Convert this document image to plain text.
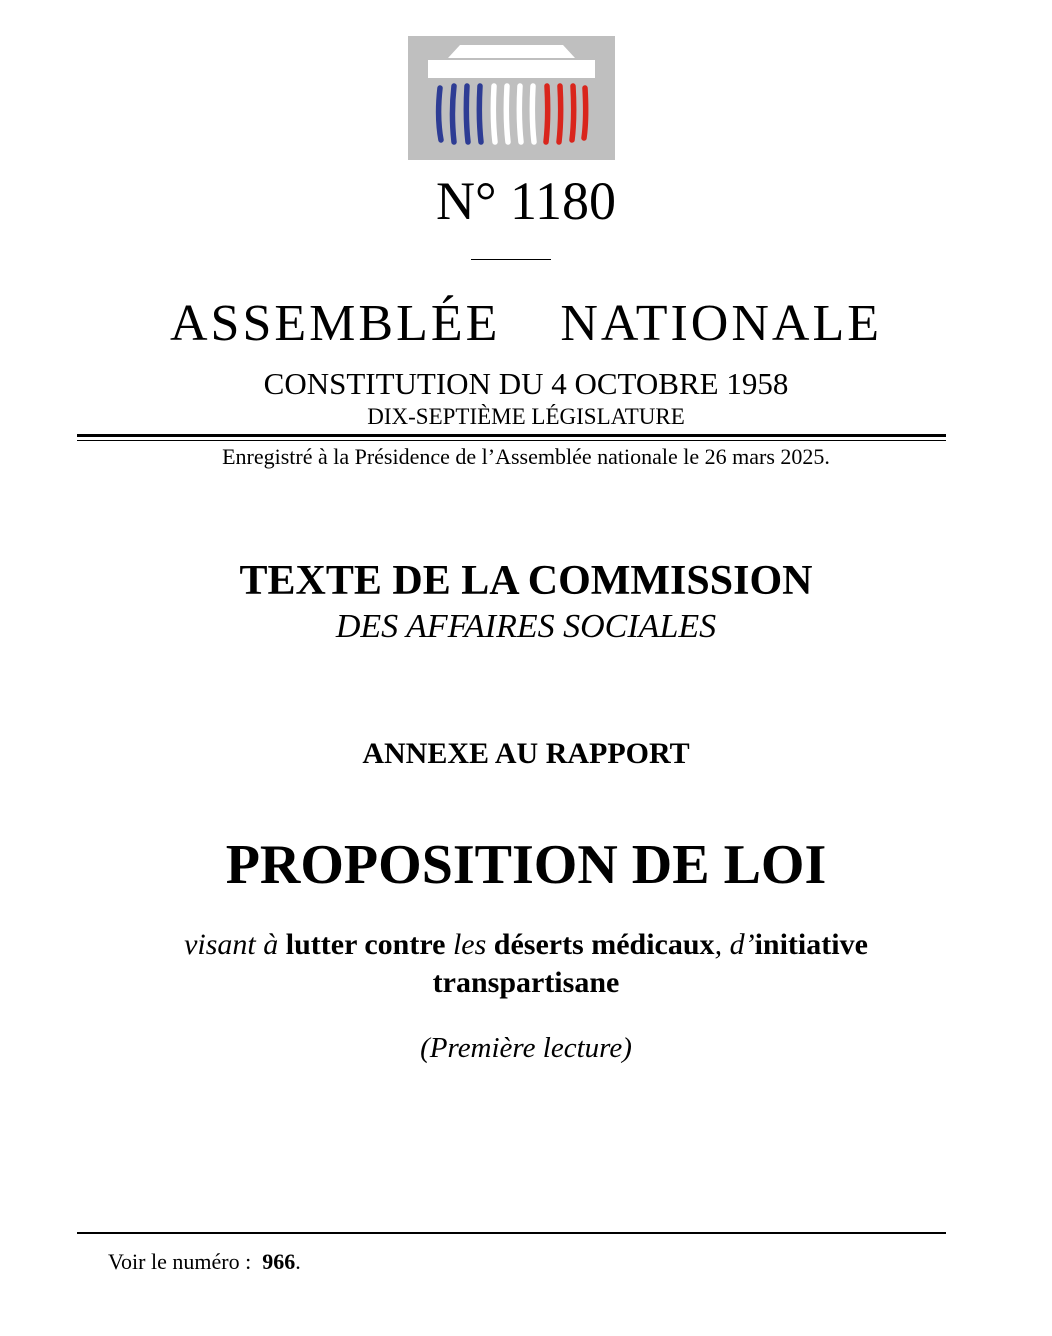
N° 1180
ASSEMBLÉE  NATIONALE
CONSTITUTION DU 4 OCTOBRE 1958
DIX-SEPTIÈME LÉGISLATURE
Enregistré à la Présidence de l’Assemblée nationale le 26 mars 2025.
TEXTE DE LA COMMISSION
DES AFFAIRES SOCIALES
ANNEXE AU RAPPORT
PROPOSITION DE LOI
visant à lutter contre les déserts médicaux, d’initiative
transpartisane
(Première lecture)
Voir le numéro : 966.
